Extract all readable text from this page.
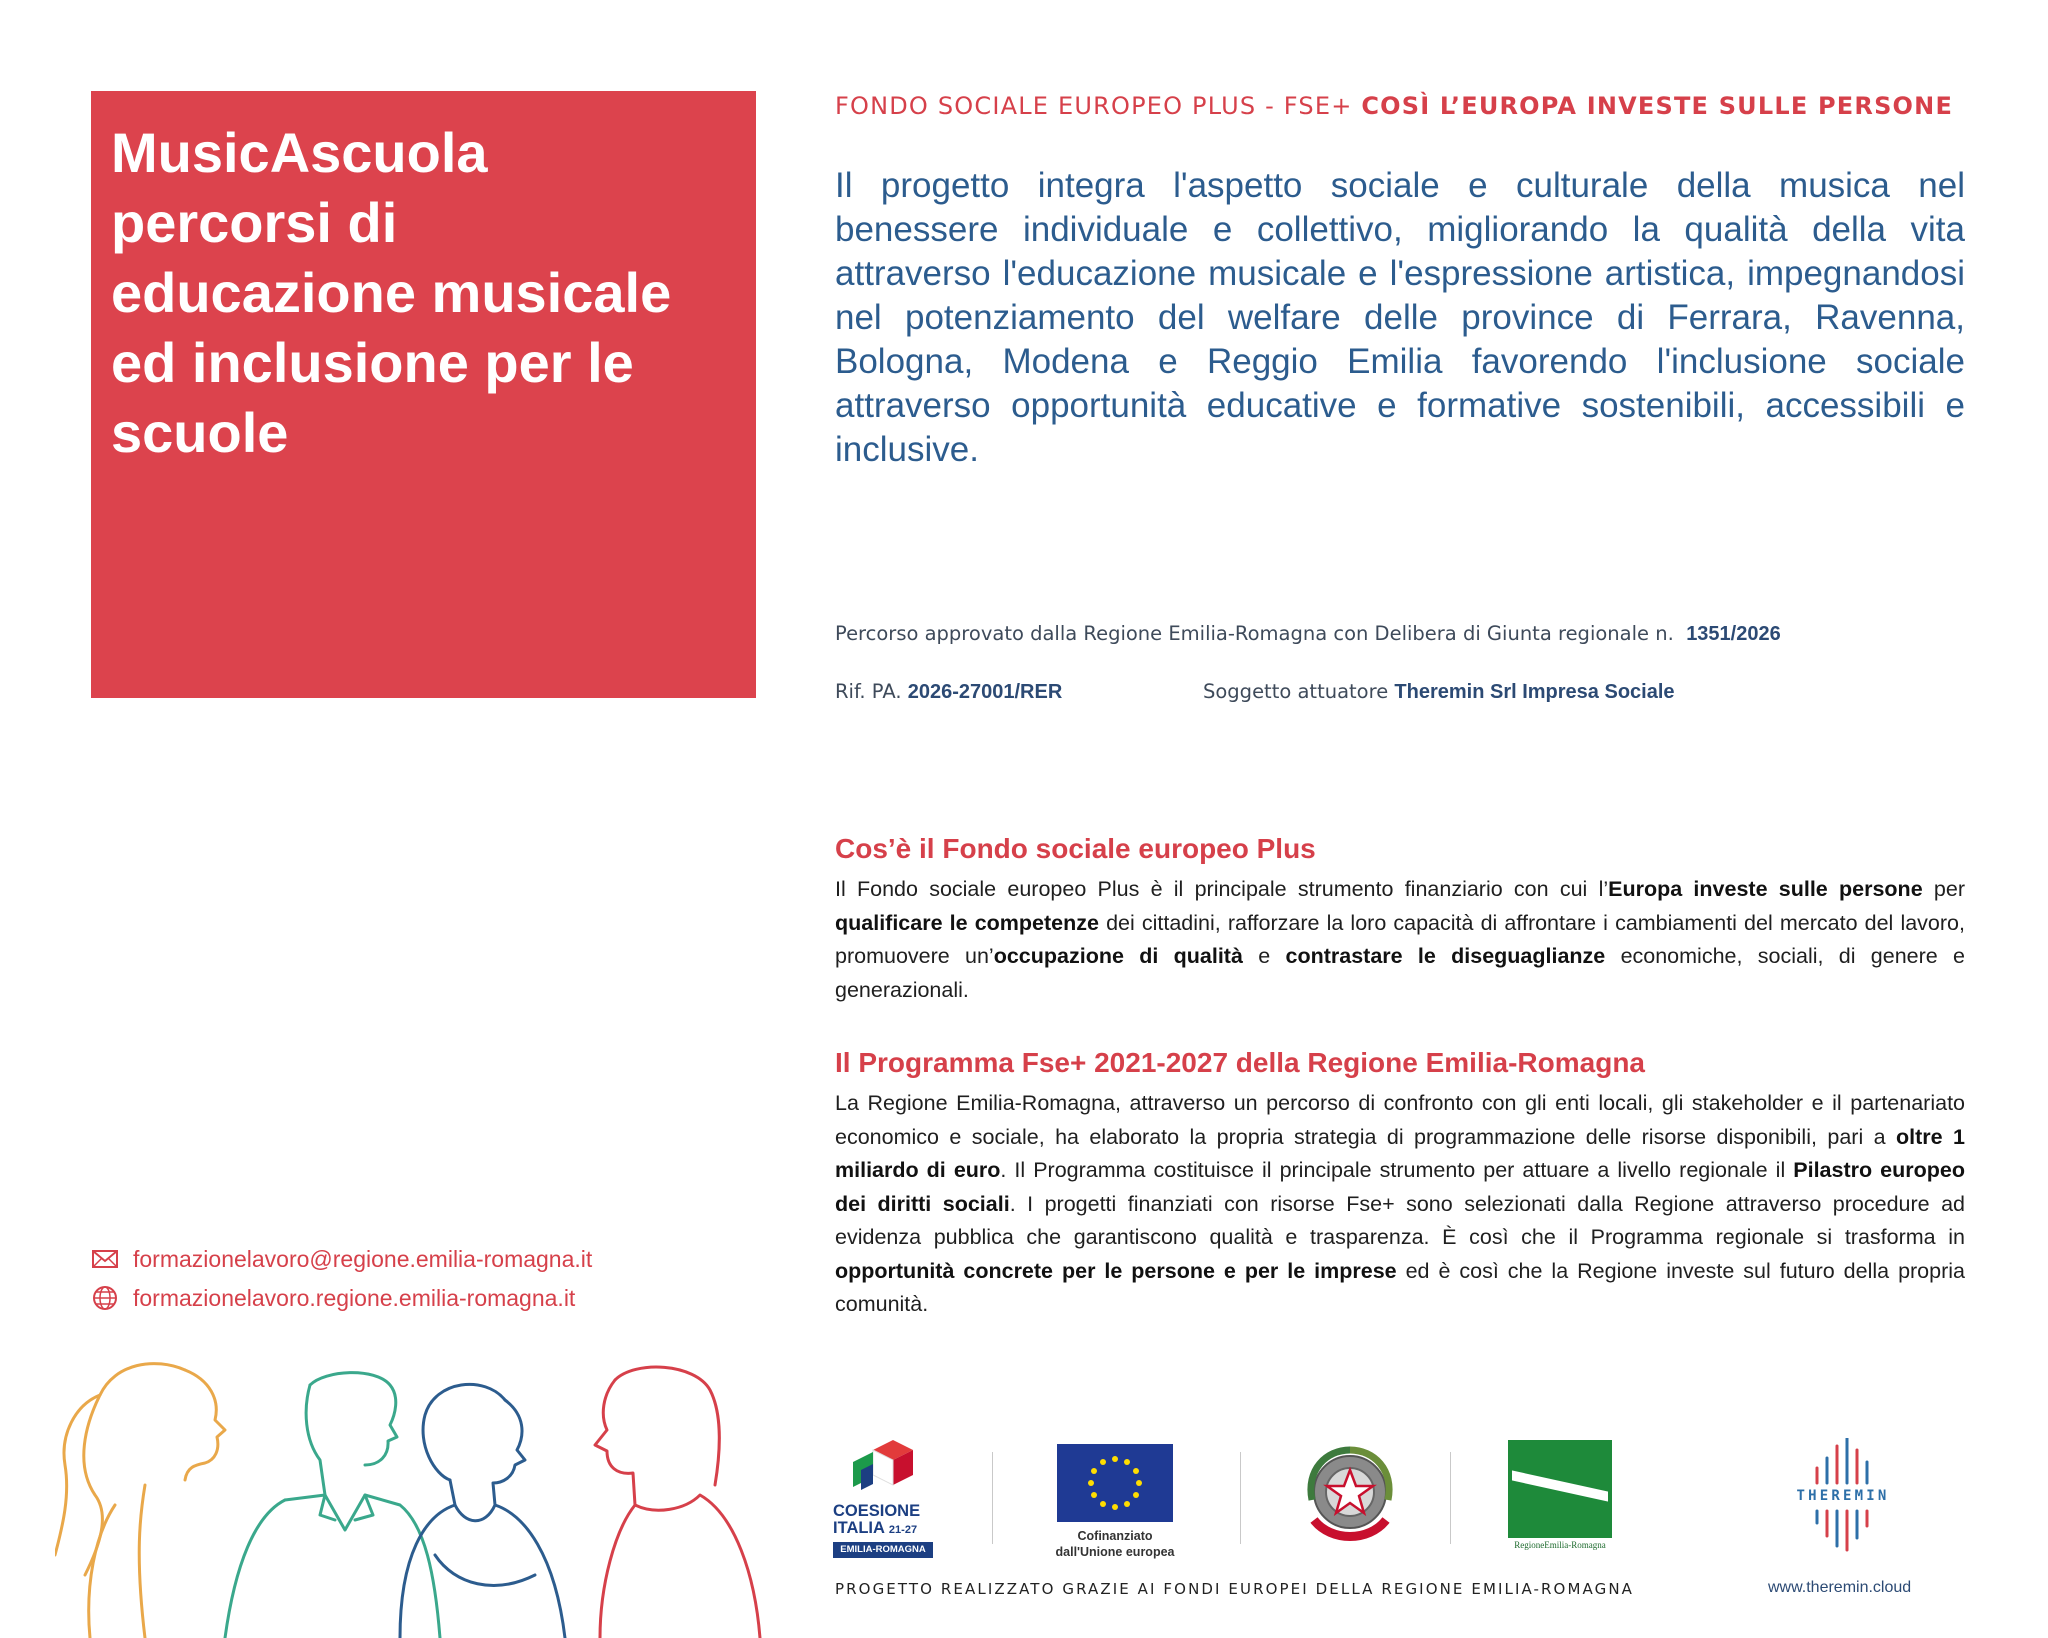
MusicAscuola
percorsi di
educazione musicale
ed inclusione per le
scuole
FONDO SOCIALE EUROPEO PLUS - FSE+ COSÌ L’EUROPA INVESTE SULLE PERSONE
Il progetto integra l'aspetto sociale e culturale della musica nel benessere individuale e collettivo, migliorando la qualità della vita attraverso l'educazione musicale e l'espressione artistica, impegnandosi nel potenziamento del welfare delle province di Ferrara, Ravenna, Bologna, Modena e Reggio Emilia favorendo l'inclusione sociale attraverso opportunità educative e formative sostenibili, accessibili e inclusive.
Percorso approvato dalla Regione Emilia-Romagna con Delibera di Giunta regionale n. 1351/2026
Rif. PA. 2026-27001/RER	Soggetto attuatore Theremin Srl Impresa Sociale
Cos’è il Fondo sociale europeo Plus
Il Fondo sociale europeo Plus è il principale strumento finanziario con cui l’Europa investe sulle persone per qualificare le competenze dei cittadini, rafforzare la loro capacità di affrontare i cambiamenti del mercato del lavoro, promuovere un’occupazione di qualità e contrastare le diseguaglianze economiche, sociali, di genere e generazionali.
Il Programma Fse+ 2021-2027 della Regione Emilia-Romagna
La Regione Emilia-Romagna, attraverso un percorso di confronto con gli enti locali, gli stakeholder e il partenariato economico e sociale, ha elaborato la propria strategia di programmazione delle risorse disponibili, pari a oltre 1 miliardo di euro. Il Programma costituisce il principale strumento per attuare a livello regionale il Pilastro europeo dei diritti sociali. I progetti finanziati con risorse Fse+ sono selezionati dalla Regione attraverso procedure ad evidenza pubblica che garantiscono qualità e trasparenza. È così che il Programma regionale si trasforma in opportunità concrete per le persone e per le imprese ed è così che la Regione investe sul futuro della propria comunità.
formazionelavoro@regione.emilia-romagna.it
formazionelavoro.regione.emilia-romagna.it
COESIONE
ITALIA 21-27
EMILIA-ROMAGNA
Cofinanziato
dall'Unione europea	RegioneEmilia-Romagna
THEREMIN
PROGETTO REALIZZATO GRAZIE AI FONDI EUROPEI DELLA REGIONE EMILIA-ROMAGNA	www.theremin.cloud
